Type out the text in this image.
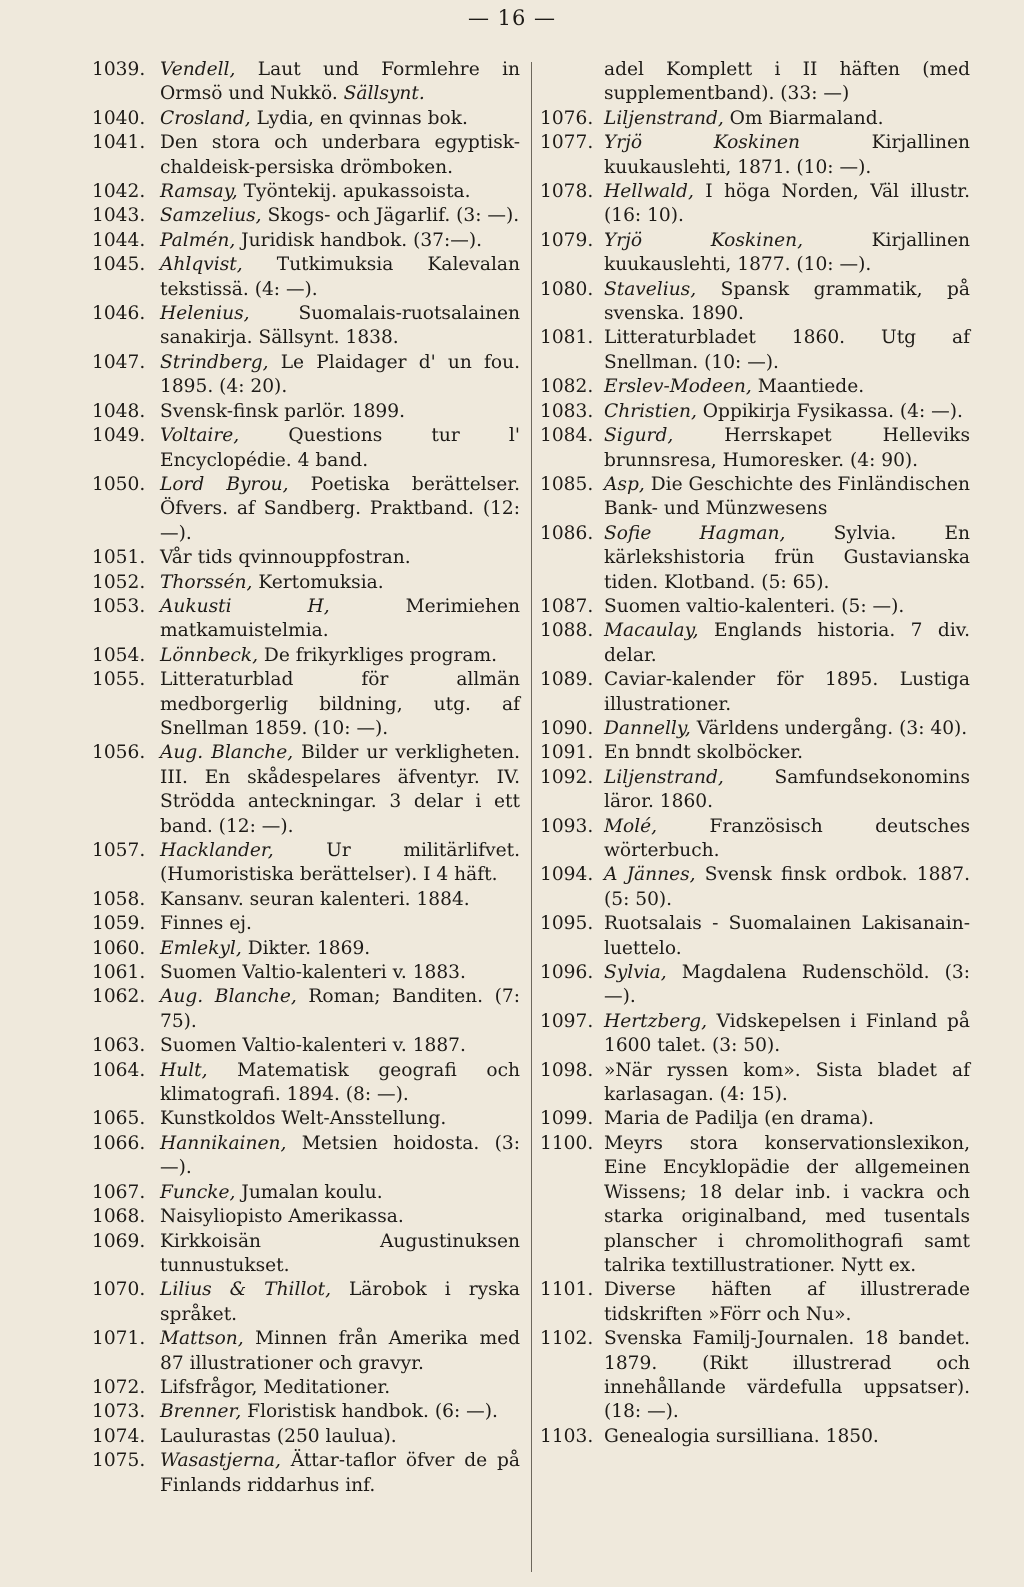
— 16 —
1039. Vendell, Laut und Formlehre in Ormsö und Nukkö. Sällsynt.
1040. Crosland, Lydia, en qvinnas bok.
1041. Den stora och underbara egyptisk-chaldeisk-persiska drömboken.
1042. Ramsay, Työntekij. apukassoista.
1043. Samzelius, Skogs- och Jägarlif. (3: —).
1044. Palmén, Juridisk handbok. (37:—).
1045. Ahlqvist, Tutkimuksia Kalevalan tekstissä. (4: —).
1046. Helenius, Suomalais-ruotsalainen sanakirja. Sällsynt. 1838.
1047. Strindberg, Le Plaidager d' un fou. 1895. (4: 20).
1048. Svensk-finsk parlör. 1899.
1049. Voltaire, Questions tur l' Encyclopédie. 4 band.
1050. Lord Byrou, Poetiska berättelser. Öfvers. af Sandberg. Praktband. (12: —).
1051. Vår tids qvinnouppfostran.
1052. Thorssén, Kertomuksia.
1053. Aukusti H, Merimiehen matkamuistelmia.
1054. Lönnbeck, De frikyrkliges program.
1055. Litteraturblad för allmän medborgerlig bildning, utg. af Snellman 1859. (10: —).
1056. Aug. Blanche, Bilder ur verkligheten. III. En skådespelares äfventyr. IV. Strödda anteckningar. 3 delar i ett band. (12: —).
1057. Hacklander, Ur militärlifvet. (Humoristiska berättelser). I 4 häft.
1058. Kansanv. seuran kalenteri. 1884.
1059. Finnes ej.
1060. Emlekyl, Dikter. 1869.
1061. Suomen Valtio-kalenteri v. 1883.
1062. Aug. Blanche, Roman; Banditen. (7: 75).
1063. Suomen Valtio-kalenteri v. 1887.
1064. Hult, Matematisk geografi och klimatografi. 1894. (8: —).
1065. Kunstkoldos Welt-Ansstellung.
1066. Hannikainen, Metsien hoidosta. (3: —).
1067. Funcke, Jumalan koulu.
1068. Naisyliopisto Amerikassa.
1069. Kirkkoisän Augustinuksen tunnustukset.
1070. Lilius & Thillot, Lärobok i ryska språket.
1071. Mattson, Minnen från Amerika med 87 illustrationer och gravyr.
1072. Lifsfrågor, Meditationer.
1073. Brenner, Floristisk handbok. (6: —).
1074. Laulurastas (250 laulua).
1075. Wasastjerna, Ättar-taflor öfver de på Finlands riddarhus inf.
adel Komplett i II häften (med supplementband). (33: —)
1076. Liljenstrand, Om Biarmaland.
1077. Yrjö Koskinen Kirjallinen kuukauslehti, 1871. (10: —).
1078. Hellwald, I höga Norden, Väl illustr. (16: 10).
1079. Yrjö Koskinen, Kirjallinen kuukauslehti, 1877. (10: —).
1080. Stavelius, Spansk grammatik, på svenska. 1890.
1081. Litteraturbladet 1860. Utg af Snellman. (10: —).
1082. Erslev-Modeen, Maantiede.
1083. Christien, Oppikirja Fysikassa. (4: —).
1084. Sigurd, Herrskapet Helleviks brunnsresa, Humoresker. (4: 90).
1085. Asp, Die Geschichte des Finländischen Bank- und Münzwesens
1086. Sofie Hagman, Sylvia. En kärlekshistoria frün Gustavianska tiden. Klotband. (5: 65).
1087. Suomen valtio-kalenteri. (5: —).
1088. Macaulay, Englands historia. 7 div. delar.
1089. Caviar-kalender för 1895. Lustiga illustrationer.
1090. Dannelly, Världens undergång. (3: 40).
1091. En bnndt skolböcker.
1092. Liljenstrand, Samfundsekonomins läror. 1860.
1093. Molé, Französisch deutsches wörterbuch.
1094. A Jännes, Svensk finsk ordbok. 1887. (5: 50).
1095. Ruotsalais - Suomalainen Lakisanain-luettelo.
1096. Sylvia, Magdalena Rudenschöld. (3: —).
1097. Hertzberg, Vidskepelsen i Finland på 1600 talet. (3: 50).
1098. »När ryssen kom». Sista bladet af karlasagan. (4: 15).
1099. Maria de Padilja (en drama).
1100. Meyrs stora konservationslexikon, Eine Encyklopädie der allgemeinen Wissens; 18 delar inb. i vackra och starka originalband, med tusentals planscher i chromolithografi samt talrika textillustrationer. Nytt ex.
1101. Diverse häften af illustrerade tidskriften »Förr och Nu».
1102. Svenska Familj-Journalen. 18 bandet. 1879. (Rikt illustrerad och innehållande värdefulla uppsatser). (18: —).
1103. Genealogia sursilliana. 1850.
